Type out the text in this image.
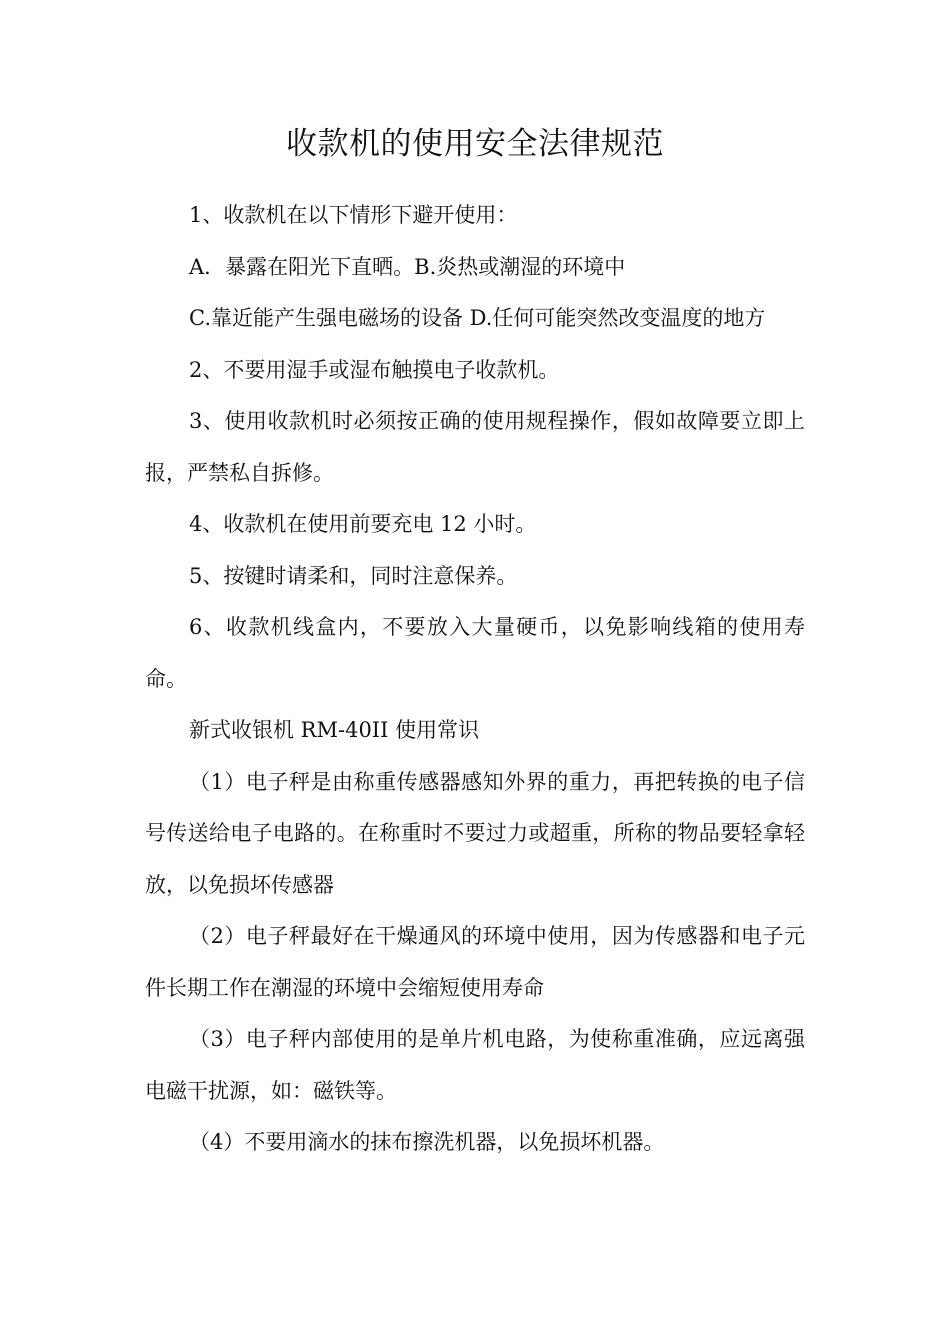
收款机的使用安全法律规范

1、收款机在以下情形下避开使用：

A．暴露在阳光下直晒。B.炎热或潮湿的环境中

C.靠近能产生强电磁场的设备 D.任何可能突然改变温度的地方

2、不要用湿手或湿布触摸电子收款机。

3、使用收款机时必须按正确的使用规程操作，假如故障要立即上报，严禁私自拆修。

4、收款机在使用前要充电 12 小时。

5、按键时请柔和，同时注意保养。

6、收款机线盒内，不要放入大量硬币，以免影响线箱的使用寿命。

新式收银机 RM-40II 使用常识

（1）电子秤是由称重传感器感知外界的重力，再把转换的电子信号传送给电子电路的。在称重时不要过力或超重，所称的物品要轻拿轻放，以免损坏传感器

（2）电子秤最好在干燥通风的环境中使用，因为传感器和电子元件长期工作在潮湿的环境中会缩短使用寿命

（3）电子秤内部使用的是单片机电路，为使称重准确，应远离强电磁干扰源，如：磁铁等。

（4）不要用滴水的抹布擦洗机器，以免损坏机器。
